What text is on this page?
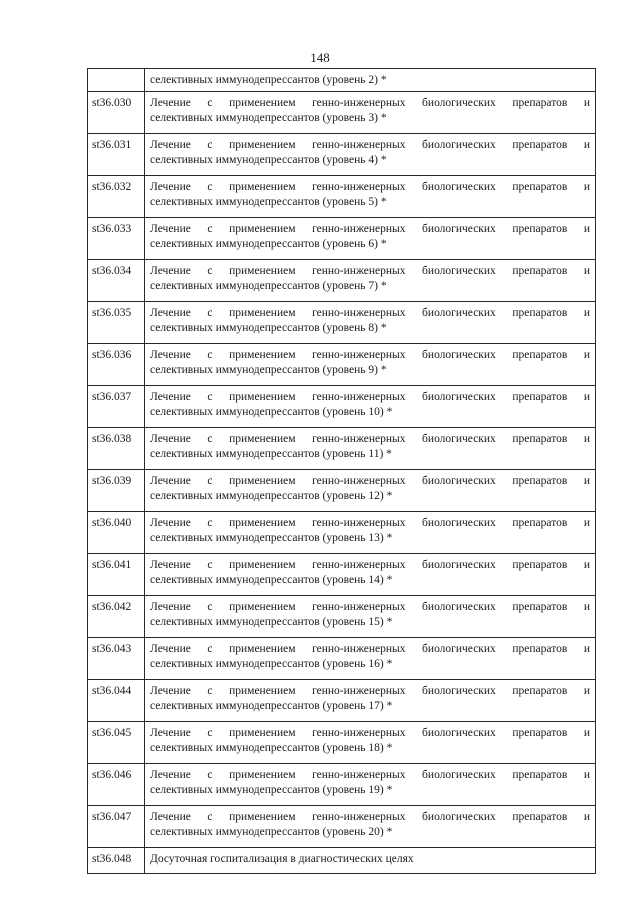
148

	селективных иммунодепрессантов (уровень 2) *

st36.030	Лечение с применением генно-инженерных биологических препаратов и
селективных иммунодепрессантов (уровень 3) *

st36.031	Лечение с применением генно-инженерных биологических препаратов и
селективных иммунодепрессантов (уровень 4) *

st36.032	Лечение с применением генно-инженерных биологических препаратов и
селективных иммунодепрессантов (уровень 5) *

st36.033	Лечение с применением генно-инженерных биологических препаратов и
селективных иммунодепрессантов (уровень 6) *

st36.034	Лечение с применением генно-инженерных биологических препаратов и
селективных иммунодепрессантов (уровень 7) *

st36.035	Лечение с применением генно-инженерных биологических препаратов и
селективных иммунодепрессантов (уровень 8) *

st36.036	Лечение с применением генно-инженерных биологических препаратов и
селективных иммунодепрессантов (уровень 9) *

st36.037	Лечение с применением генно-инженерных биологических препаратов и
селективных иммунодепрессантов (уровень 10) *

st36.038	Лечение с применением генно-инженерных биологических препаратов и
селективных иммунодепрессантов (уровень 11) *

st36.039	Лечение с применением генно-инженерных биологических препаратов и
селективных иммунодепрессантов (уровень 12) *

st36.040	Лечение с применением генно-инженерных биологических препаратов и
селективных иммунодепрессантов (уровень 13) *

st36.041	Лечение с применением генно-инженерных биологических препаратов и
селективных иммунодепрессантов (уровень 14) *

st36.042	Лечение с применением генно-инженерных биологических препаратов и
селективных иммунодепрессантов (уровень 15) *

st36.043	Лечение с применением генно-инженерных биологических препаратов и
селективных иммунодепрессантов (уровень 16) *

st36.044	Лечение с применением генно-инженерных биологических препаратов и
селективных иммунодепрессантов (уровень 17) *

st36.045	Лечение с применением генно-инженерных биологических препаратов и
селективных иммунодепрессантов (уровень 18) *

st36.046	Лечение с применением генно-инженерных биологических препаратов и
селективных иммунодепрессантов (уровень 19) *

st36.047	Лечение с применением генно-инженерных биологических препаратов и
селективных иммунодепрессантов (уровень 20) *

st36.048	Досуточная госпитализация в диагностических целях
